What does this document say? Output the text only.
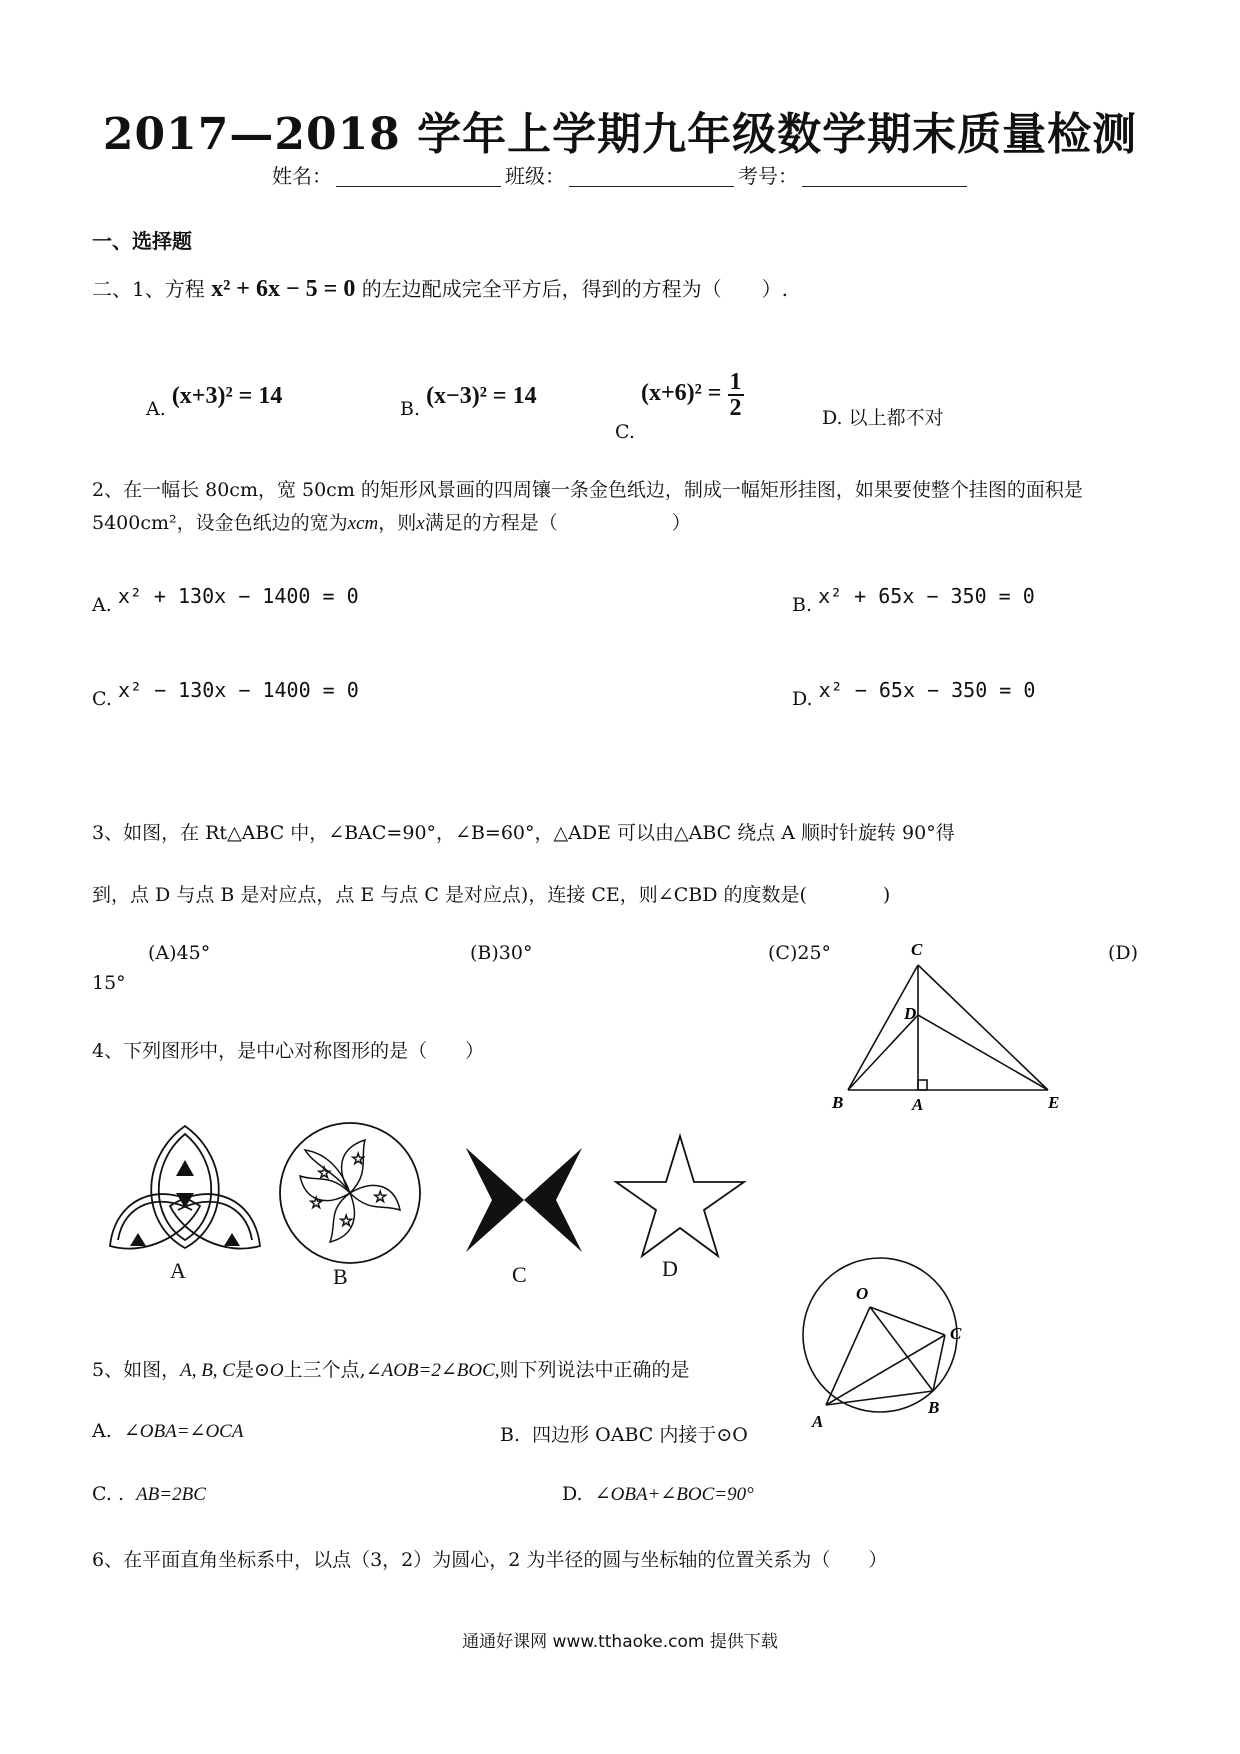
2017—2018 学年上学期九年级数学期末质量检测
姓名：	班级：	考号：
一、选择题
二、1、方程 x² + 6x − 5 = 0 的左边配成完全平方后，得到的方程为（　　）.
A. (x+3)² = 14	B. (x−3)² = 14
C. $(x+6)^2 = \frac{1}{2}$	D. 以上都不对
2、在一幅长 80cm，宽 50cm 的矩形风景画的四周镶一条金色纸边，制成一幅矩形挂图，如果要使整个挂图的面积是
5400cm²，设金色纸边的宽为xcm，则x满足的方程是（　　　　　　）
A. x² + 130x − 1400 = 0	B. x² + 65x − 350 = 0
C. x² − 130x − 1400 = 0	D. x² − 65x − 350 = 0
3、如图，在 Rt△ABC 中，∠BAC=90°，∠B=60°，△ADE 可以由△ABC 绕点 A 顺时针旋转 90°得
到，点 D 与点 B 是对应点，点 E 与点 C 是对应点)，连接 CE，则∠CBD 的度数是(　　　　)
(A)45°	(B)30°	(C)25°	(D)
15°
C
D
B	A	E
4、下列图形中，是中心对称图形的是（　　）
A
☆
☆
☆
☆
☆
B	C	D
5、如图，A, B, C是⊙O上三个点,∠AOB=2∠BOC,则下列说法中正确的是
A. ∠OBA=∠OCA	B. 四边形 OABC 内接于⊙O
C. . AB=2BC	D. ∠OBA+∠BOC=90°
O
C
A
B
6、在平面直角坐标系中，以点（3，2）为圆心，2 为半径的圆与坐标轴的位置关系为（　　）
通通好课网 www.tthaoke.com 提供下载
